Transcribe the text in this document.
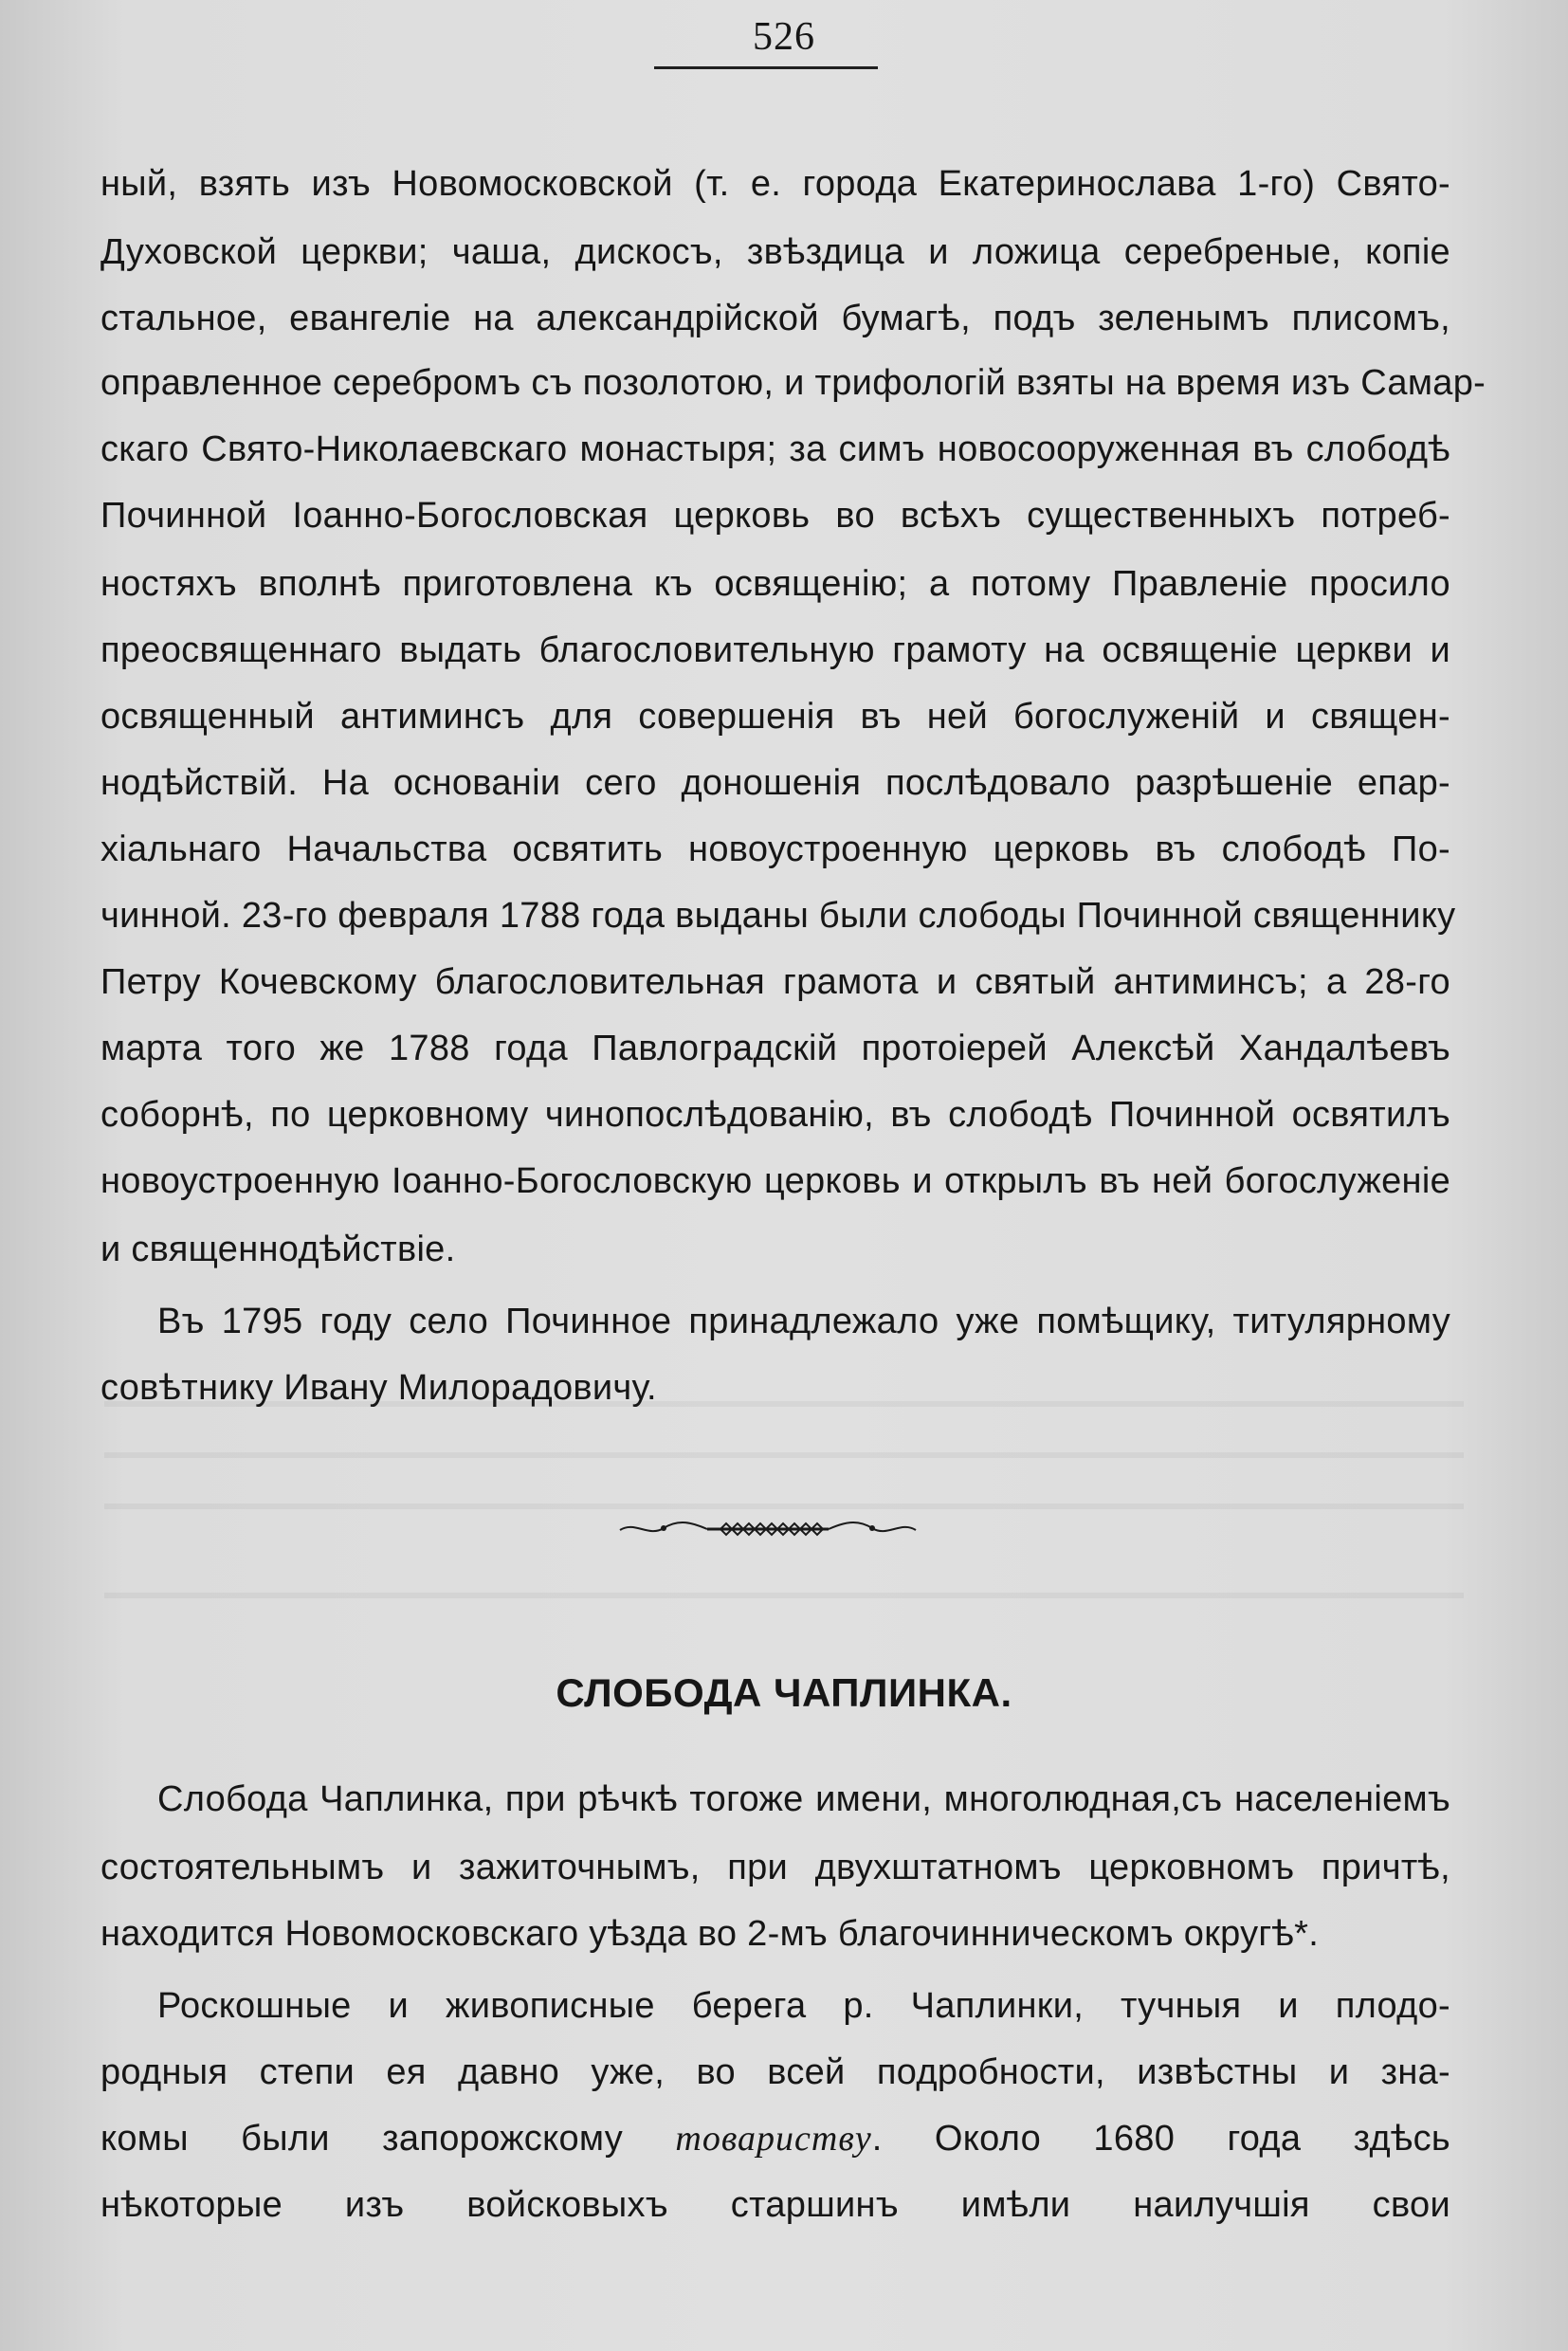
526
ный, взять изъ Новомосковской (т. е. города Екатеринослава 1-го) Свято-
Духовской церкви; чаша, дискосъ, звѣздица и ложица серебреные, копіе
стальное, евангеліе на александрійской бумагѣ, подъ зеленымъ плисомъ,
оправленное серебромъ съ позолотою, и трифологій взяты на время изъ Самар-
скаго Свято-Николаевскаго монастыря; за симъ новосооруженная въ слободѣ
Починной Іоанно-Богословская церковь во всѣхъ существенныхъ потреб-
ностяхъ вполнѣ приготовлена къ освященію; а потому Правленіе просило
преосвященнаго выдать благословительную грамоту на освященіе церкви и
освященный антиминсъ для совершенія въ ней богослуженій и священ-
нодѣйствій. На основаніи сего доношенія послѣдовало разрѣшеніе епар-
хіальнаго Начальства освятить новоустроенную церковь въ слободѣ По-
чинной. 23-го февраля 1788 года выданы были слободы Починной священнику
Петру Кочевскому благословительная грамота и святый антиминсъ; а 28-го
марта того же 1788 года Павлоградскій протоіерей Алексѣй Хандалѣевъ
соборнѣ, по церковному чинопослѣдованію, въ слободѣ Починной освятилъ
новоустроенную Іоанно-Богословскую церковь и открылъ въ ней богослуженіе
и священнодѣйствіе.
Въ 1795 году село Починное принадлежало уже помѣщику, титулярному
совѣтнику Ивану Милорадовичу.
СЛОБОДА ЧАПЛИНКА.
Слобода Чаплинка, при рѣчкѣ тогоже имени, многолюдная,съ населеніемъ
состоятельнымъ и зажиточнымъ, при двухштатномъ церковномъ причтѣ,
находится Новомосковскаго уѣзда во 2-мъ благочинническомъ округѣ*.
Роскошные и живописные берега р. Чаплинки, тучныя и плодо-
родныя степи ея давно уже, во всей подробности, извѣстны и зна-
комы были запорожскому товариству. Около 1680 года здѣсь
нѣкоторые изъ войсковыхъ старшинъ имѣли наилучшія свои
